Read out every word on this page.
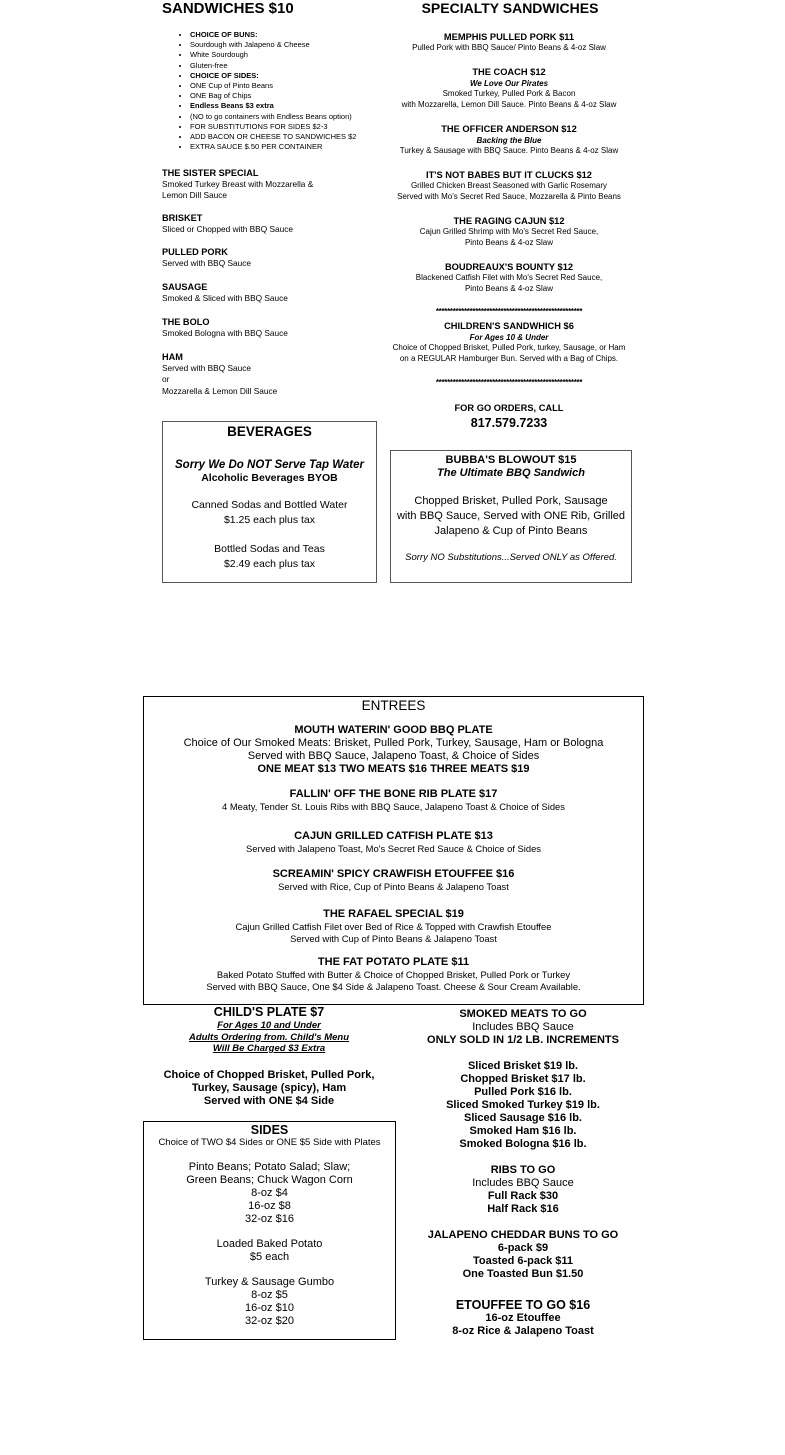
SANDWICHES $10
• CHOICE OF BUNS:
• Sourdough with Jalapeno & Cheese
• White Sourdough
• Gluten-free
• CHOICE OF SIDES:
• ONE Cup of Pinto Beans
• ONE Bag of Chips
• Endless Beans $3 extra
• (NO to go containers with Endless Beans option)
• FOR SUBSTITUTIONS FOR SIDES $2-3
• ADD BACON OR CHEESE TO SANDWICHES $2
• EXTRA SAUCE $.50 PER CONTAINER
THE SISTER SPECIAL
Smoked Turkey Breast with Mozzarella &
Lemon Dill Sauce
BRISKET
Sliced or Chopped with BBQ Sauce
PULLED PORK
Served with BBQ Sauce
SAUSAGE
Smoked & Sliced with BBQ Sauce
THE BOLO
Smoked Bologna with BBQ Sauce
HAM
Served with BBQ Sauce
or
Mozzarella & Lemon Dill Sauce
BEVERAGES
Sorry We Do NOT Serve Tap Water
Alcoholic Beverages BYOB
Canned Sodas and Bottled Water
$1.25 each plus tax
Bottled Sodas and Teas
$2.49 each plus tax
SPECIALTY SANDWICHES
MEMPHIS PULLED PORK $11
Pulled Pork with BBQ Sauce/ Pinto Beans & 4-oz Slaw
THE COACH $12
We Love Our Pirates
Smoked Turkey, Pulled Pork & Bacon
with Mozzarella, Lemon Dill Sauce. Pinto Beans & 4-oz Slaw
THE OFFICER ANDERSON $12
Backing the Blue
Turkey & Sausage with BBQ Sauce. Pinto Beans & 4-oz Slaw
IT'S NOT BABES BUT IT CLUCKS $12
Grilled Chicken Breast Seasoned with Garlic Rosemary
Served with Mo's Secret Red Sauce, Mozzarella & Pinto Beans
THE RAGING CAJUN $12
Cajun Grilled Shrimp with Mo's Secret Red Sauce,
Pinto Beans & 4-oz Slaw
BOUDREAUX'S BOUNTY $12
Blackened Catfish Filet with Mo's Secret Red Sauce,
Pinto Beans & 4-oz Slaw
****************************************************
CHILDREN'S SANDWHICH $6
For Ages 10 & Under
Choice of Chopped Brisket, Pulled Pork, turkey, Sausage, or Ham
on a REGULAR Hamburger Bun. Served with a Bag of Chips.
****************************************************
FOR GO ORDERS, CALL
817.579.7233
BUBBA'S BLOWOUT $15
The Ultimate BBQ Sandwich
Chopped Brisket, Pulled Pork, Sausage
with BBQ Sauce, Served with ONE Rib, Grilled
Jalapeno & Cup of Pinto Beans
Sorry NO Substitutions...Served ONLY as Offered.
ENTREES
MOUTH WATERIN' GOOD BBQ PLATE
Choice of Our Smoked Meats: Brisket, Pulled Pork, Turkey, Sausage, Ham or Bologna
Served with BBQ Sauce, Jalapeno Toast, & Choice of Sides
ONE MEAT $13 TWO MEATS $16 THREE MEATS $19
FALLIN' OFF THE BONE RIB PLATE $17
4 Meaty, Tender St. Louis Ribs with BBQ Sauce, Jalapeno Toast & Choice of Sides
CAJUN GRILLED CATFISH PLATE $13
Served with Jalapeno Toast, Mo's Secret Red Sauce & Choice of Sides
SCREAMIN' SPICY CRAWFISH ETOUFFEE $16
Served with Rice, Cup of Pinto Beans & Jalapeno Toast
THE RAFAEL SPECIAL $19
Cajun Grilled Catfish Filet over Bed of Rice & Topped with Crawfish Etouffee
Served with Cup of Pinto Beans & Jalapeno Toast
THE FAT POTATO PLATE $11
Baked Potato Stuffed with Butter & Choice of Chopped Brisket, Pulled Pork or Turkey
Served with BBQ Sauce, One $4 Side & Jalapeno Toast. Cheese & Sour Cream Available.
CHILD'S PLATE $7
For Ages 10 and Under
Adults Ordering from. Child's Menu
Will Be Charged $3 Extra
Choice of Chopped Brisket, Pulled Pork,
Turkey, Sausage (spicy), Ham
Served with ONE $4 Side
SIDES
Choice of TWO $4 Sides or ONE $5 Side with Plates
Pinto Beans; Potato Salad; Slaw;
Green Beans; Chuck Wagon Corn
8-oz $4
16-oz $8
32-oz $16
Loaded Baked Potato
$5 each
Turkey & Sausage Gumbo
8-oz $5
16-oz $10
32-oz $20
SMOKED MEATS TO GO
Includes BBQ Sauce
ONLY SOLD IN 1/2 LB. INCREMENTS
Sliced Brisket $19 lb.
Chopped Brisket $17 lb.
Pulled Pork $16 lb.
Sliced Smoked Turkey $19 lb.
Sliced Sausage $16 lb.
Smoked Ham $16 lb.
Smoked Bologna $16 lb.
RIBS TO GO
Includes BBQ Sauce
Full Rack $30
Half Rack $16
JALAPENO CHEDDAR BUNS TO GO
6-pack $9
Toasted 6-pack $11
One Toasted Bun $1.50
ETOUFFEE TO GO $16
16-oz Etouffee
8-oz Rice & Jalapeno Toast
